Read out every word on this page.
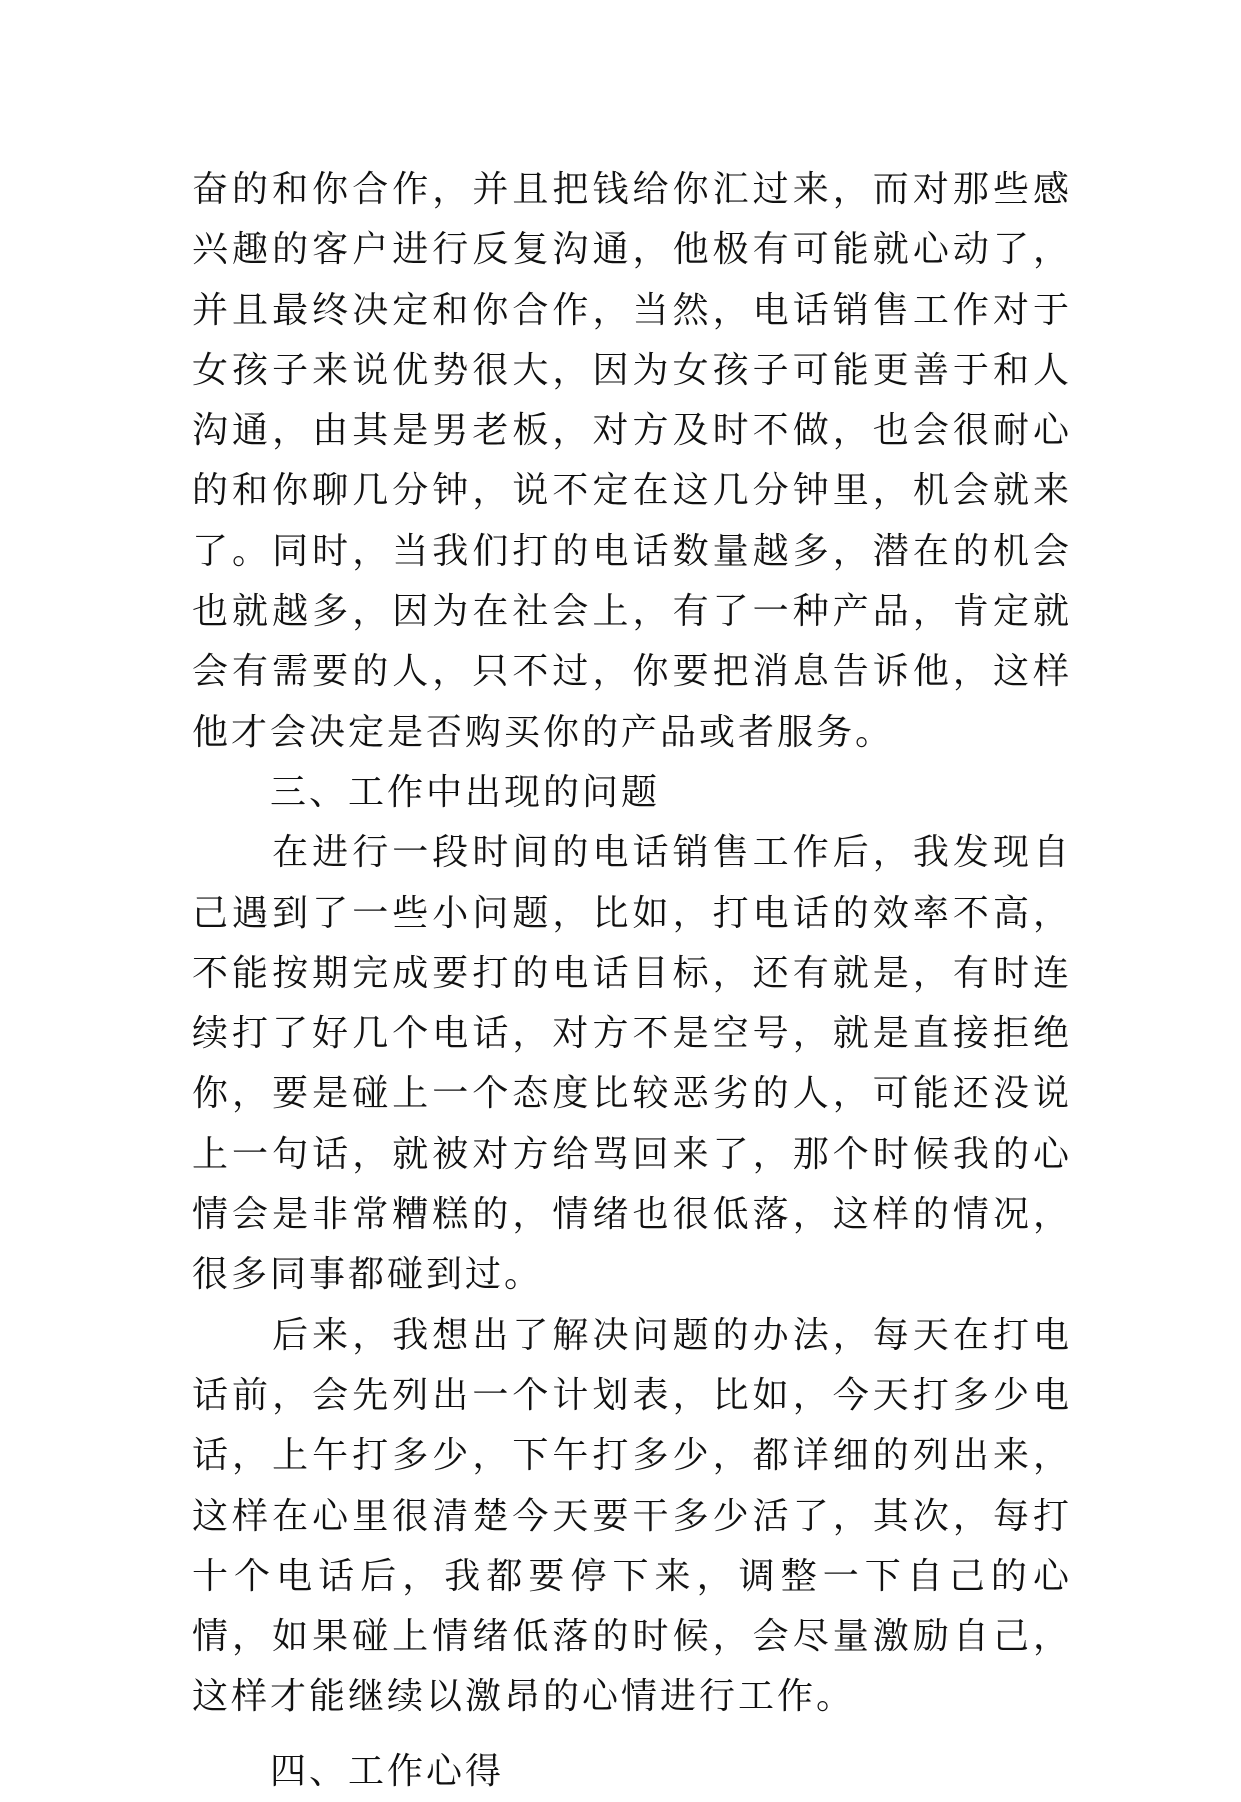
奋的和你合作，并且把钱给你汇过来，而对那些感兴趣的客户进行反复沟通，他极有可能就心动了，并且最终决定和你合作，当然，电话销售工作对于女孩子来说优势很大，因为女孩子可能更善于和人沟通，由其是男老板，对方及时不做，也会很耐心的和你聊几分钟，说不定在这几分钟里，机会就来了。同时，当我们打的电话数量越多，潜在的机会也就越多，因为在社会上，有了一种产品，肯定就会有需要的人，只不过，你要把消息告诉他，这样他才会决定是否购买你的产品或者服务。

　　三、工作中出现的问题

　　在进行一段时间的电话销售工作后，我发现自己遇到了一些小问题，比如，打电话的效率不高，不能按期完成要打的电话目标，还有就是，有时连续打了好几个电话，对方不是空号，就是直接拒绝你，要是碰上一个态度比较恶劣的人，可能还没说上一句话，就被对方给骂回来了，那个时候我的心情会是非常糟糕的，情绪也很低落，这样的情况，很多同事都碰到过。

　　后来，我想出了解决问题的办法，每天在打电话前，会先列出一个计划表，比如，今天打多少电话，上午打多少，下午打多少，都详细的列出来，这样在心里很清楚今天要干多少活了，其次，每打十个电话后，我都要停下来，调整一下自己的心情，如果碰上情绪低落的时候，会尽量激励自己，这样才能继续以激昂的心情进行工作。

　　四、工作心得
